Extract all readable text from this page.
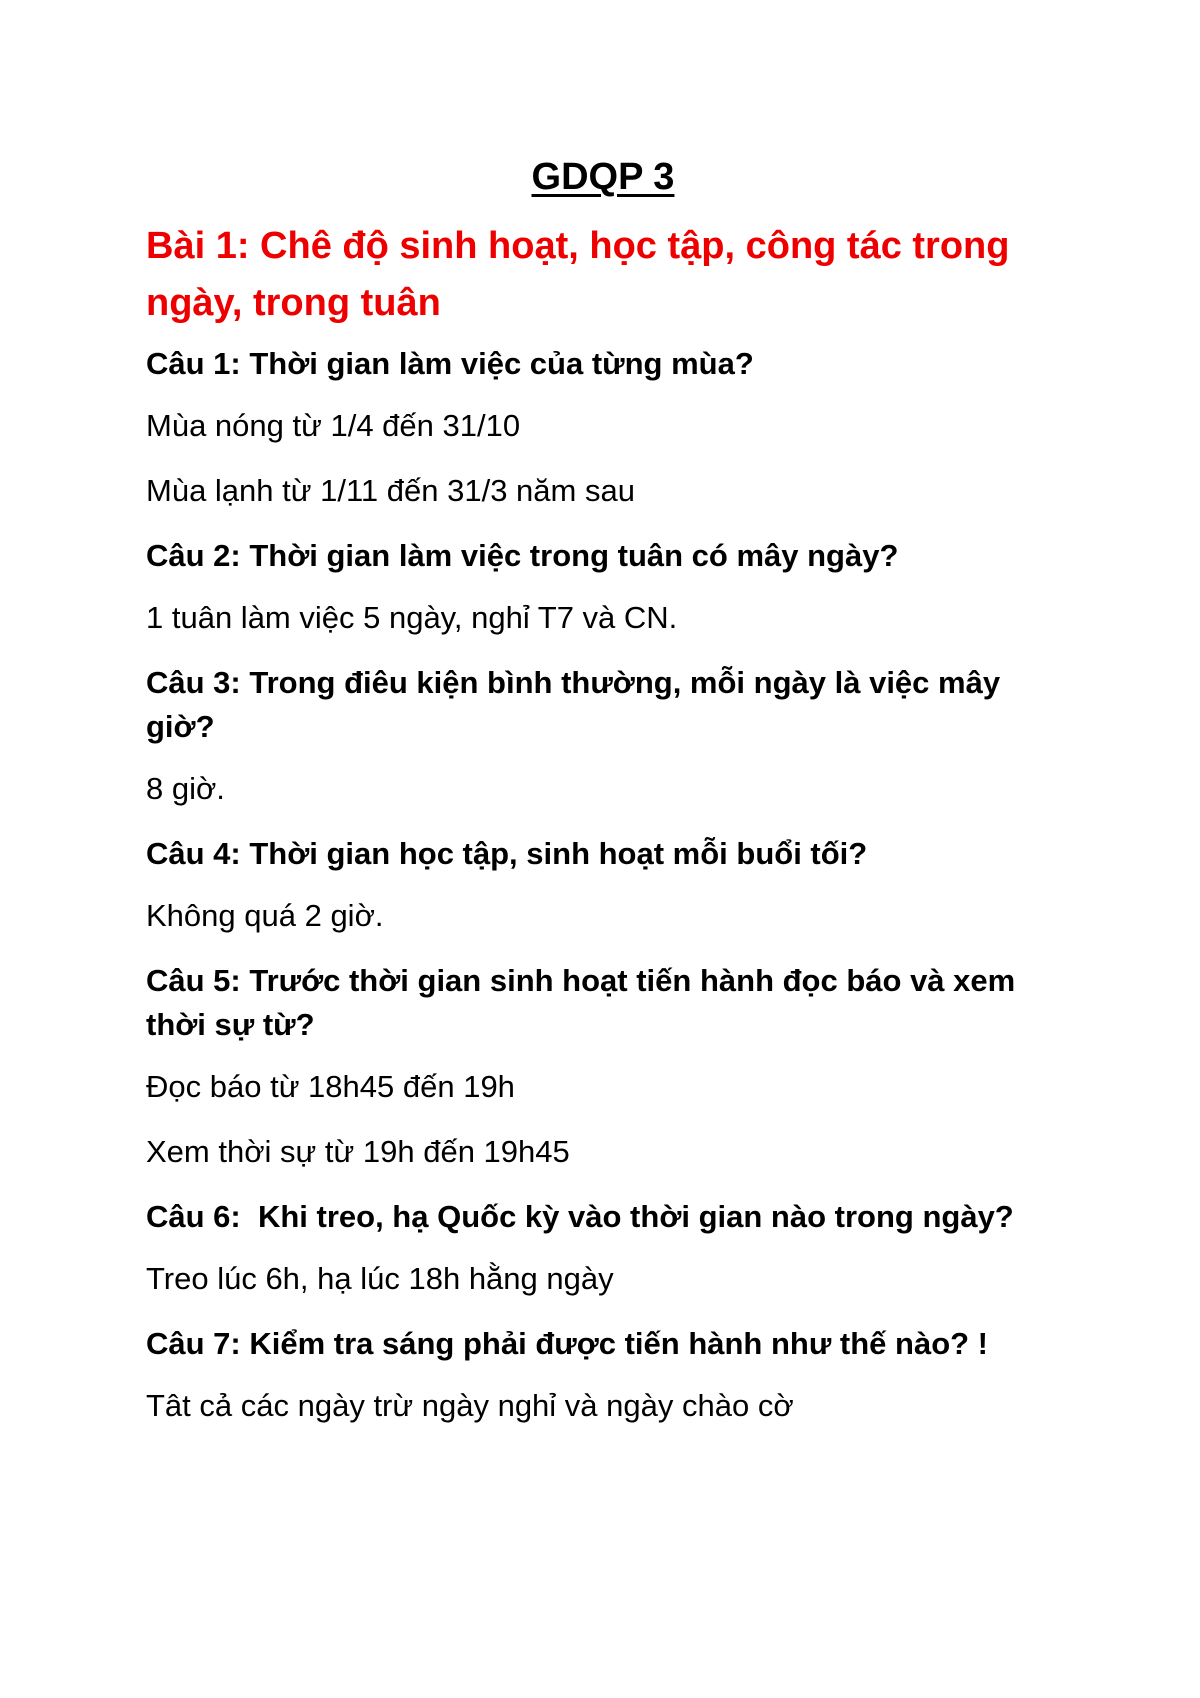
GDQP 3
Bài 1: Chê độ sinh hoạt, học tập, công tác trong ngày, trong tuân

Câu 1: Thời gian làm việc của từng mùa?

Mùa nóng từ 1/4 đến 31/10

Mùa lạnh từ 1/11 đến 31/3 năm sau

Câu 2: Thời gian làm việc trong tuân có mây ngày?

1 tuân làm việc 5 ngày, nghỉ T7 và CN.

Câu 3: Trong điêu kiện bình thường, mỗi ngày là việc mây giờ?

8 giờ.

Câu 4: Thời gian học tập, sinh hoạt mỗi buổi tối?

Không quá 2 giờ.

Câu 5: Trước thời gian sinh hoạt tiến hành đọc báo và xem thời sự từ?

Đọc báo từ 18h45 đến 19h

Xem thời sự từ 19h đến 19h45

Câu 6:  Khi treo, hạ Quốc kỳ vào thời gian nào trong ngày?

Treo lúc 6h, hạ lúc 18h hằng ngày

Câu 7: Kiểm tra sáng phải được tiến hành như thế nào? !

Tât cả các ngày trừ ngày nghỉ và ngày chào cờ
